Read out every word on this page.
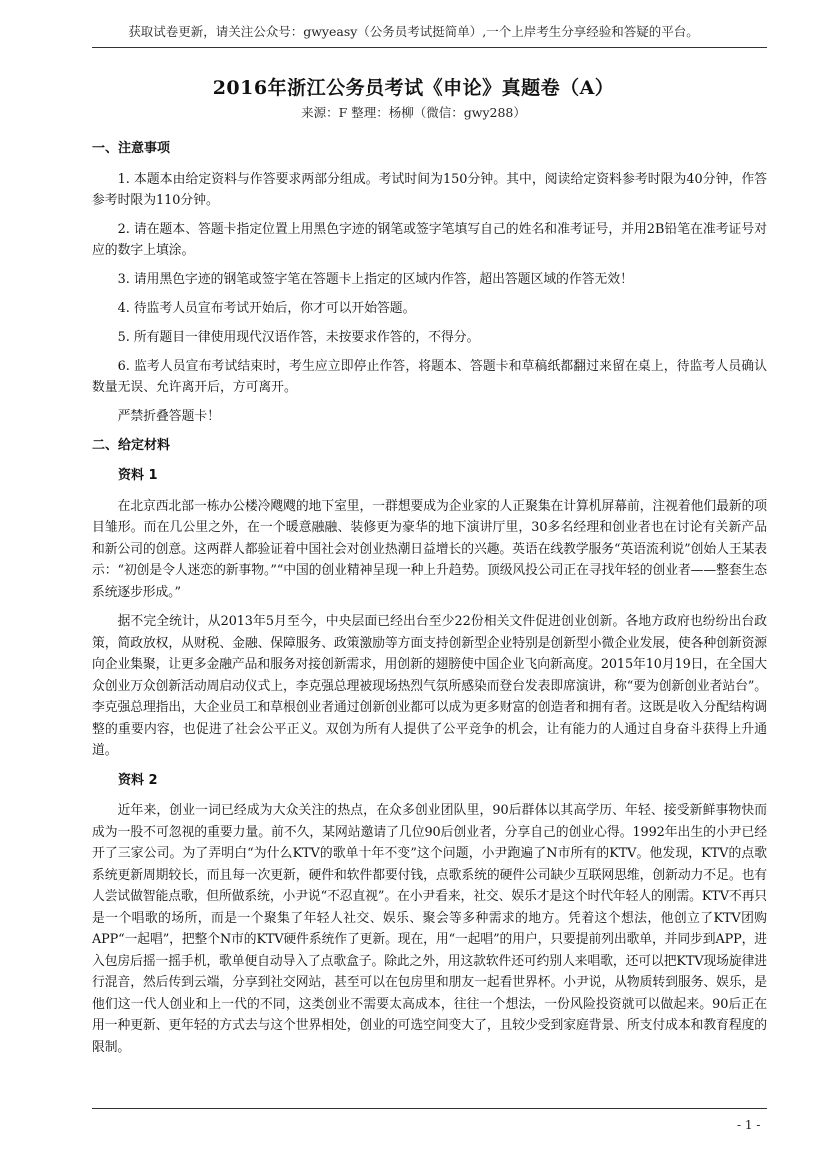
获取试卷更新，请关注公众号：gwyeasy（公务员考试挺简单）,一个上岸考生分享经验和答疑的平台。
2016年浙江公务员考试《申论》真题卷（A）
来源：F 整理：杨柳（微信：gwy288）

一、注意事项

1. 本题本由给定资料与作答要求两部分组成。考试时间为150分钟。其中，阅读给定资料参考时限为40分钟，作答参考时限为110分钟。

2. 请在题本、答题卡指定位置上用黑色字迹的钢笔或签字笔填写自己的姓名和准考证号，并用2B铅笔在准考证号对应的数字上填涂。

3. 请用黑色字迹的钢笔或签字笔在答题卡上指定的区域内作答，超出答题区域的作答无效！

4. 待监考人员宣布考试开始后，你才可以开始答题。

5. 所有题目一律使用现代汉语作答，未按要求作答的，不得分。

6. 监考人员宣布考试结束时，考生应立即停止作答，将题本、答题卡和草稿纸都翻过来留在桌上，待监考人员确认数量无误、允许离开后，方可离开。

严禁折叠答题卡！

二、给定材料

资料 1

在北京西北部一栋办公楼冷飕飕的地下室里，一群想要成为企业家的人正聚集在计算机屏幕前，注视着他们最新的项目雏形。而在几公里之外，在一个暖意融融、装修更为豪华的地下演讲厅里，30多名经理和创业者也在讨论有关新产品和新公司的创意。这两群人都验证着中国社会对创业热潮日益增长的兴趣。英语在线教学服务“英语流利说”创始人王某表示：“初创是令人迷恋的新事物。”“中国的创业精神呈现一种上升趋势。顶级风投公司正在寻找年轻的创业者——整套生态系统逐步形成。”

据不完全统计，从2013年5月至今，中央层面已经出台至少22份相关文件促进创业创新。各地方政府也纷纷出台政策，简政放权，从财税、金融、保障服务、政策激励等方面支持创新型企业特别是创新型小微企业发展，使各种创新资源向企业集聚，让更多金融产品和服务对接创新需求，用创新的翅膀使中国企业飞向新高度。2015年10月19日，在全国大众创业万众创新活动周启动仪式上，李克强总理被现场热烈气氛所感染而登台发表即席演讲，称“要为创新创业者站台”。李克强总理指出，大企业员工和草根创业者通过创新创业都可以成为更多财富的创造者和拥有者。这既是收入分配结构调整的重要内容，也促进了社会公平正义。双创为所有人提供了公平竞争的机会，让有能力的人通过自身奋斗获得上升通道。

资料 2

近年来，创业一词已经成为大众关注的热点，在众多创业团队里，90后群体以其高学历、年轻、接受新鲜事物快而成为一股不可忽视的重要力量。前不久，某网站邀请了几位90后创业者，分享自己的创业心得。1992年出生的小尹已经开了三家公司。为了弄明白“为什么KTV的歌单十年不变”这个问题，小尹跑遍了N市所有的KTV。他发现，KTV的点歌系统更新周期较长，而且每一次更新，硬件和软件都要付钱，点歌系统的硬件公司缺少互联网思维，创新动力不足。也有人尝试做智能点歌，但所做系统，小尹说“不忍直视”。在小尹看来，社交、娱乐才是这个时代年轻人的刚需。KTV不再只是一个唱歌的场所，而是一个聚集了年轻人社交、娱乐、聚会等多种需求的地方。凭着这个想法，他创立了KTV团购APP“一起唱”，把整个N市的KTV硬件系统作了更新。现在，用“一起唱”的用户，只要提前列出歌单，并同步到APP，进入包房后摇一摇手机，歌单便自动导入了点歌盒子。除此之外，用这款软件还可约别人来唱歌，还可以把KTV现场旋律进行混音，然后传到云端，分享到社交网站，甚至可以在包房里和朋友一起看世界杯。小尹说，从物质转到服务、娱乐，是他们这一代人创业和上一代的不同，这类创业不需要太高成本，往往一个想法，一份风险投资就可以做起来。90后正在用一种更新、更年轻的方式去与这个世界相处，创业的可选空间变大了，且较少受到家庭背景、所支付成本和教育程度的限制。

- 1 -
